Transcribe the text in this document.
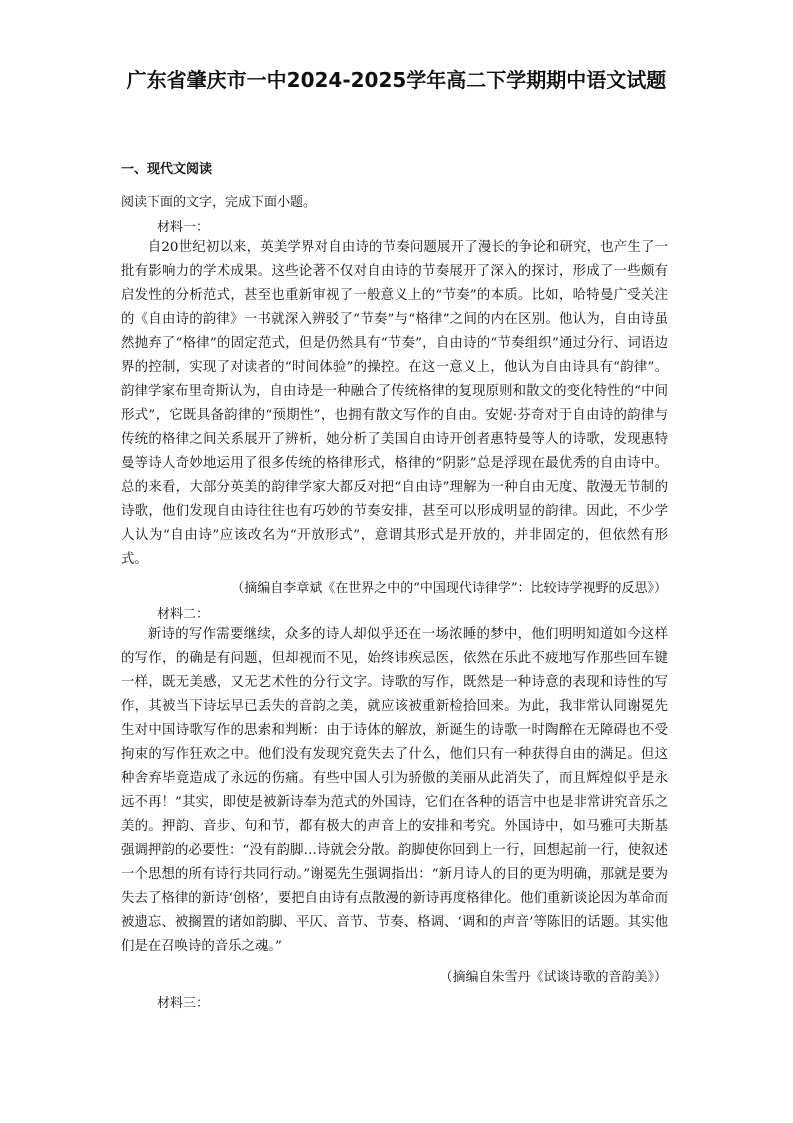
广东省肇庆市一中2024-2025学年高二下学期期中语文试题

一、现代文阅读

阅读下面的文字，完成下面小题。

材料一：

自20世纪初以来，英美学界对自由诗的节奏问题展开了漫长的争论和研究，也产生了一批有影响力的学术成果。这些论著不仅对自由诗的节奏展开了深入的探讨，形成了一些颇有启发性的分析范式，甚至也重新审视了一般意义上的“节奏”的本质。比如，哈特曼广受关注的《自由诗的韵律》一书就深入辨驳了“节奏”与“格律”之间的内在区别。他认为，自由诗虽然抛弃了“格律”的固定范式，但是仍然具有“节奏”，自由诗的“节奏组织”通过分行、词语边界的控制，实现了对读者的“时间体验”的操控。在这一意义上，他认为自由诗具有“韵律”。韵律学家布里奇斯认为，自由诗是一种融合了传统格律的复现原则和散文的变化特性的“中间形式”，它既具备韵律的“预期性”，也拥有散文写作的自由。安妮·芬奇对于自由诗的韵律与传统的格律之间关系展开了辨析，她分析了美国自由诗开创者惠特曼等人的诗歌，发现惠特曼等诗人奇妙地运用了很多传统的格律形式，格律的“阴影”总是浮现在最优秀的自由诗中。总的来看，大部分英美的韵律学家大都反对把“自由诗”理解为一种自由无度、散漫无节制的诗歌，他们发现自由诗往往也有巧妙的节奏安排，甚至可以形成明显的韵律。因此，不少学人认为“自由诗”应该改名为“开放形式”，意谓其形式是开放的，并非固定的，但依然有形式。

（摘编自李章斌《在世界之中的“中国现代诗律学”：比较诗学视野的反思》）

材料二：

新诗的写作需要继续，众多的诗人却似乎还在一场浓睡的梦中，他们明明知道如今这样的写作，的确是有问题，但却视而不见，始终讳疾忌医，依然在乐此不疲地写作那些回车键一样，既无美感，又无艺术性的分行文字。诗歌的写作，既然是一种诗意的表现和诗性的写作，其被当下诗坛早已丢失的音韵之美，就应该被重新检拾回来。为此，我非常认同谢冕先生对中国诗歌写作的思索和判断：由于诗体的解放，新诞生的诗歌一时陶醉在无障碍也不受拘束的写作狂欢之中。他们没有发现究竟失去了什么，他们只有一种获得自由的满足。但这种舍弃毕竟造成了永远的伤痛。有些中国人引为骄傲的美丽从此消失了，而且辉煌似乎是永远不再！”其实，即使是被新诗奉为范式的外国诗，它们在各种的语言中也是非常讲究音乐之美的。押韵、音步、句和节，都有极大的声音上的安排和考究。外国诗中，如马雅可夫斯基强调押韵的必要性：“没有韵脚…诗就会分散。韵脚使你回到上一行，回想起前一行，使叙述一个思想的所有诗行共同行动。”谢冕先生强调指出：“新月诗人的目的更为明确，那就是要为失去了格律的新诗‘创格’，要把自由诗有点散漫的新诗再度格律化。他们重新谈论因为革命而被遗忘、被搁置的诸如韵脚、平仄、音节、节奏、格调、‘调和的声音’等陈旧的话题。其实他们是在召唤诗的音乐之魂。”

（摘编自朱雪丹《试谈诗歌的音韵美》）

材料三：
